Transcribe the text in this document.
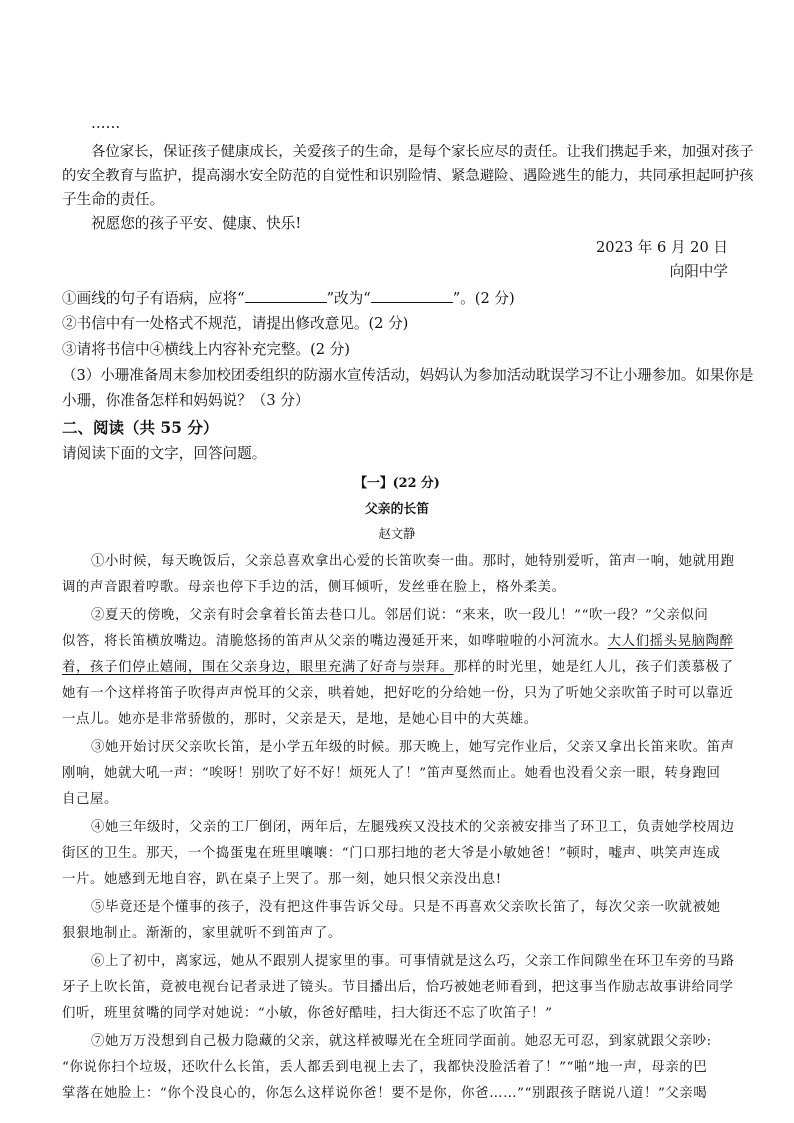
……
各位家长，保证孩子健康成长，关爱孩子的生命，是每个家长应尽的责任。让我们携起手来，加强对孩子
的安全教育与监护，提高溺水安全防范的自觉性和识别险情、紧急避险、遇险逃生的能力，共同承担起呵护孩
子生命的责任。
祝愿您的孩子平安、健康、快乐!
2023 年 6 月 20 日
向阳中学
①画线的句子有语病，应将“	”改为“	”。(2 分)
②书信中有一处格式不规范，请提出修改意见。(2 分)
③请将书信中④横线上内容补充完整。(2 分)
（3）小珊准备周末参加校团委组织的防溺水宣传活动，妈妈认为参加活动耽误学习不让小珊参加。如果你是
小珊，你准备怎样和妈妈说？（3 分）
二、阅读（共 55 分）
请阅读下面的文字，回答问题。
【一】(22 分)
父亲的长笛
赵文静
①小时候，每天晚饭后，父亲总喜欢拿出心爱的长笛吹奏一曲。那时，她特别爱听，笛声一响，她就用跑
调的声音跟着哼歌。母亲也停下手边的活，侧耳倾听，发丝垂在脸上，格外柔美。
②夏天的傍晚，父亲有时会拿着长笛去巷口儿。邻居们说：“来来，吹一段儿！”“吹一段？”父亲似问
似答，将长笛横放嘴边。清脆悠扬的笛声从父亲的嘴边漫延开来，如哗啦啦的小河流水。大人们摇头晃脑陶醉
着，孩子们停止嬉闹，围在父亲身边，眼里充满了好奇与崇拜。那样的时光里，她是红人儿，孩子们羡慕极了
她有一个这样将笛子吹得声声悦耳的父亲，哄着她，把好吃的分给她一份，只为了听她父亲吹笛子时可以靠近
一点儿。她亦是非常骄傲的，那时，父亲是天，是地，是她心目中的大英雄。
③她开始讨厌父亲吹长笛，是小学五年级的时候。那天晚上，她写完作业后，父亲又拿出长笛来吹。笛声
刚响，她就大吼一声：“唉呀！别吹了好不好！烦死人了！”笛声戛然而止。她看也没看父亲一眼，转身跑回
自己屋。
④她三年级时，父亲的工厂倒闭，两年后，左腿残疾又没技术的父亲被安排当了环卫工，负责她学校周边
街区的卫生。那天，一个捣蛋鬼在班里嚷嚷：“门口那扫地的老大爷是小敏她爸！”顿时，嘘声、哄笑声连成
一片。她感到无地自容，趴在桌子上哭了。那一刻，她只恨父亲没出息!
⑤毕竟还是个懂事的孩子，没有把这件事告诉父母。只是不再喜欢父亲吹长笛了，每次父亲一吹就被她
狠狠地制止。渐渐的，家里就听不到笛声了。
⑥上了初中，离家远，她从不跟别人提家里的事。可事情就是这么巧，父亲工作间隙坐在环卫车旁的马路
牙子上吹长笛，竟被电视台记者录进了镜头。节目播出后，恰巧被她老师看到，把这事当作励志故事讲给同学
们听，班里贫嘴的同学对她说：“小敏，你爸好酷哇，扫大街还不忘了吹笛子！”
⑦她万万没想到自己极力隐藏的父亲，就这样被曝光在全班同学面前。她忍无可忍，到家就跟父亲吵:
“你说你扫个垃圾，还吹什么长笛，丢人都丢到电视上去了，我都快没脸活着了！”“啪”地一声，母亲的巴
掌落在她脸上：“你个没良心的，你怎么这样说你爸！要不是你，你爸……”“别跟孩子瞎说八道！”父亲喝
